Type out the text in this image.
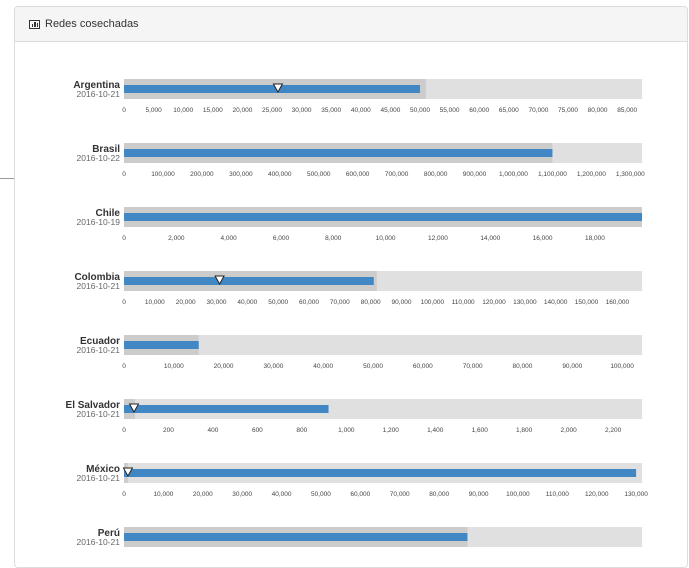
Redes cosechadas
Argentina
2016-10-21
0	5,000 10,000 15,000 20,000 25,000 30,000 35,000 40,000 45,000 50,000 55,000 60,000 65,000 70,000 75,000 80,000 85,000
Brasil
2016-10-22
0	100,000 200,000 300,000 400,000 500,000 600,000 700,000 800,000 900,000 1,000,000 1,100,000 1,200,000 1,300,000
Chile
2016-10-19
0	2,000	4,000	6,000	8,000	10,000	12,000	14,000	16,000	18,000
Colombia
2016-10-21
0	10,000 20,000 30,000 40,000 50,000 60,000 70,000 80,000 90,000 100,000 110,000 120,000 130,000 140,000 150,000 160,000
Ecuador
2016-10-21
0	10,000	20,000	30,000	40,000	50,000	60,000	70,000	80,000	90,000	100,000
El Salvador
2016-10-21
0	200	400	600	800	1,000	1,200	1,400	1,600	1,800	2,000	2,200
México
2016-10-21
0	10,000	20,000	30,000	40,000	50,000	60,000	70,000	80,000	90,000	100,000 110,000 120,000 130,000
Perú
2016-10-21
